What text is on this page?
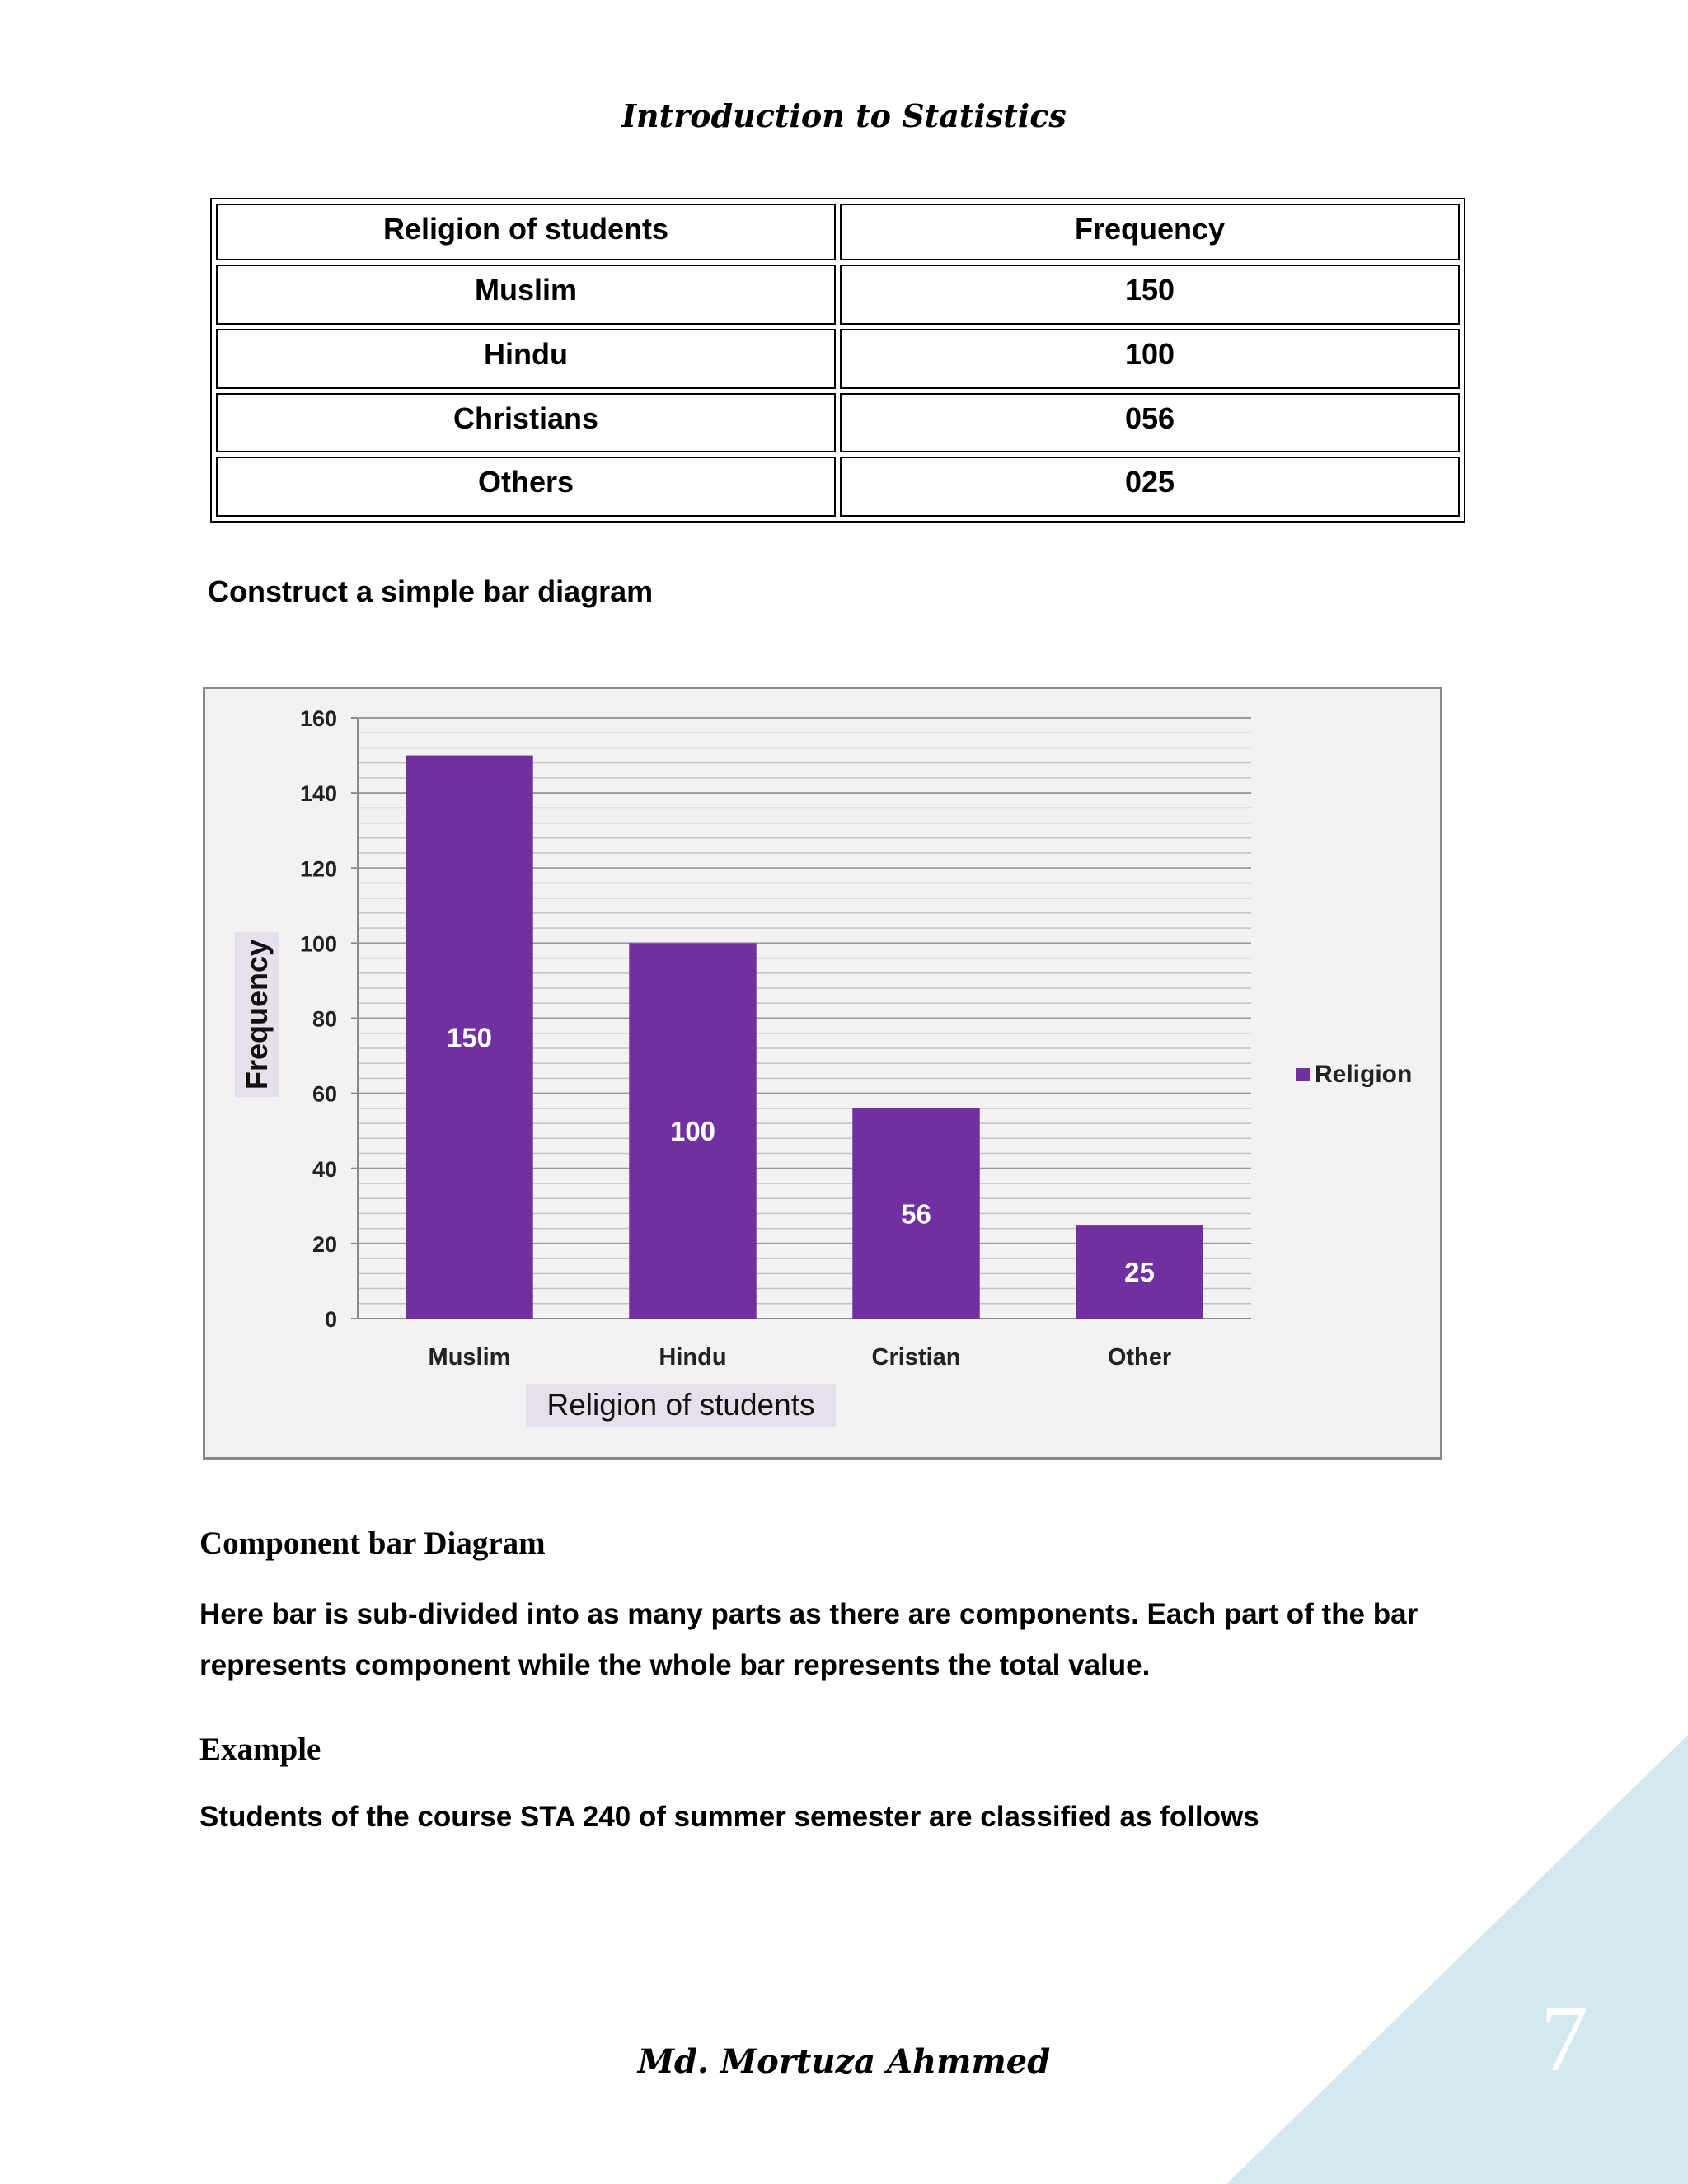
7
Introduction to Statistics
Religion of students	Frequency
Muslim	150
Hindu	100
Christians	056
Others	025
Construct a simple bar diagram
0
20
40
60
80
100
120
140
160
150
Muslim
100
Hindu
56
Cristian
25
Other
Religion of students
Frequency	Religion
Component bar Diagram
Here bar is sub-divided into as many parts as there are components. Each part of the bar represents component while the whole bar represents the total value.
Example
Students of the course STA 240 of summer semester are classified as follows
Md. Mortuza Ahmmed
